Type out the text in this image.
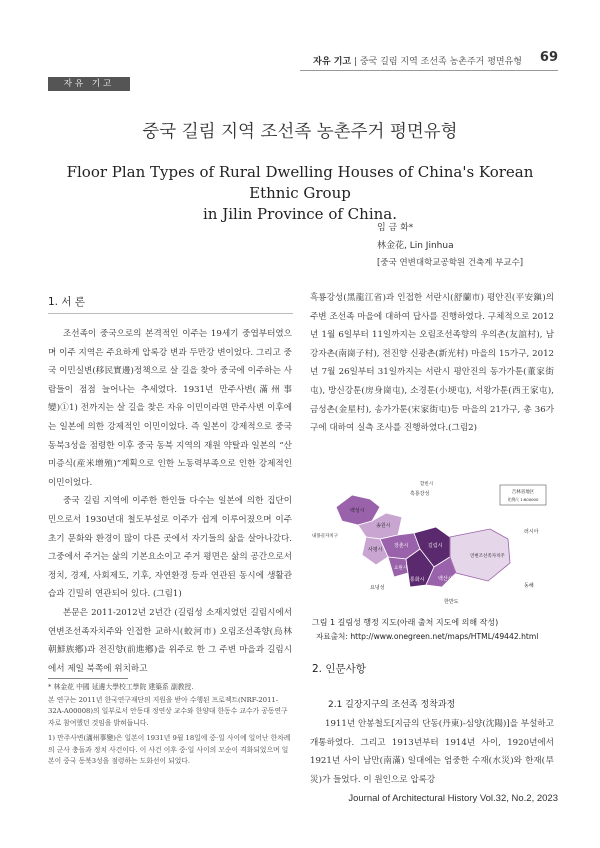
자유 기고 | 중국 길림 지역 조선족 농촌주거 평면유형 69
자유 기고
중국 길림 지역 조선족 농촌주거 평면유형
Floor Plan Types of Rural Dwelling Houses of China's Korean Ethnic Group
in Jilin Province of China.
임 금 화*
林金花, Lin Jinhua
[중국 연변대학교공학원 건축계 부교수]
1. 서 론

조선족이 중국으로의 본격적인 이주는 19세기 중엽부터였으며 이주 지역은 주요하게 압록강 변과 두만강 변이었다. 그리고 중국 이민실변(移民實邊)정책으로 살 길을 찾아 중국에 이주하는 사람들이 점점 늘어나는 추세였다. 1931년 만주사변(滿州事變)①1) 전까지는 살 길을 찾은 자유 이민이라면 만주사변 이후에는 일본에 의한 강제적인 이민이었다. 즉 일본이 강제적으로 중국 동북3성을 점령한 이후 중국 동북 지역의 재원 약탈과 일본의 “산미증식(産米增殖)”계획으로 인한 노동력부족으로 인한 강제적인 이민이었다.

중국 길림 지역에 이주한 한인들 다수는 일본에 의한 집단이민으로서 1930년대 철도부설로 이주가 쉽게 이루어졌으며 이주 초기 문화와 환경이 많이 다른 곳에서 자기들의 삶을 살아나갔다. 그중에서 주거는 삶의 기본요소이고 주거 평면은 삶의 공간으로서 정치, 경제, 사회제도, 기후, 자연환경 등과 연관된 동시에 생활관습과 긴밀히 연관되어 있다. (그림1)

본문은 2011-2012년 2년간 (길림성 소재지였던 길림시에서 연변조선족자치주와 인접한 교하시(蛟河市) 오림조선족향(烏林朝鮮族鄕)과 전진향(前進鄕)을 위주로 한 그 주변 마을과 길림시에서 제일 북쪽에 위치하고

* 林金花 中國 延邊大學校工學院 建築系 副教授.

본 연구는 2011년 한국연구재단의 지원을 받아 수행된 프로젝트(NRF-2011-32A-A00008)의 일부로서 안동대 정연상 교수와 한양대 한동수 교수가 공동연구자로 참여했던 것임을 밝혀둡니다.

1) 만주사변(滿州事變)은 일본이 1931년 9월 18일에 중·일 사이에 일어난 한차례의 군사 충돌과 정치 사건이다. 이 사건 이후 중·일 사이의 모순이 격화되었으며 일본이 중국 동북3성을 점령하는 도화선이 되었다.

흑룡강성(黑龍江省)과 인접한 서란시(舒蘭市) 평안진(平安鎭)의 주변 조선족 마을에 대하여 답사를 진행하였다. 구체적으로 2012년 1월 6일부터 11일까지는 오림조선족향의 우의촌(友誼村), 남강자촌(南崗子村), 전진향 신광촌(新光村) 마을의 15가구, 2012년 7월 26일부터 31일까지는 서란시 평안진의 동가가툰(董家街屯), 방신강툰(房身崗屯), 소경툰(小埂屯), 서왕가툰(西王家屯), 금성촌(金星村), 송가가툰(宋家街屯)등 마을의 21가구, 총 36가구에 대하여 실측 조사를 진행하였다.(그림2)

吉林省地区
比例尺 1:600000
백성시
송원시
장춘시	길림시
사평시
요원시
통화시	백산시
연변조선족자치주
흑룡강성
내몽골자치구
요녕성
한반도
동해
러시아
할빈시
그림 1 길림성 행정 지도(아래 출처 지도에 의해 작성)
자료출처: http://www.onegreen.net/maps/HTML/49442.html
2. 인문사항
2.1 길장지구의 조선족 정착과정

1911년 안봉철도[지금의 단동(丹東)-심양(沈陽)]을 부설하고 개통하였다. 그리고 1913년부터 1914년 사이, 1920년에서 1921년 사이 남만(南滿) 일대에는 엄중한 수재(水災)와 한재(旱災)가 들었다. 이 원인으로 압록강

Journal of Architectural History Vol.32, No.2, 2023
